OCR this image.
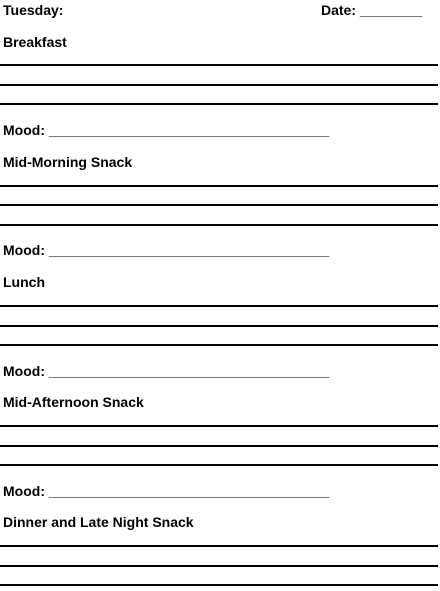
Tuesday:	Date: ________
Breakfast
Mood: ____________________________________
Mid-Morning Snack
Mood: ____________________________________
Lunch
Mood: ____________________________________
Mid-Afternoon Snack
Mood: ____________________________________
Dinner and Late Night Snack
